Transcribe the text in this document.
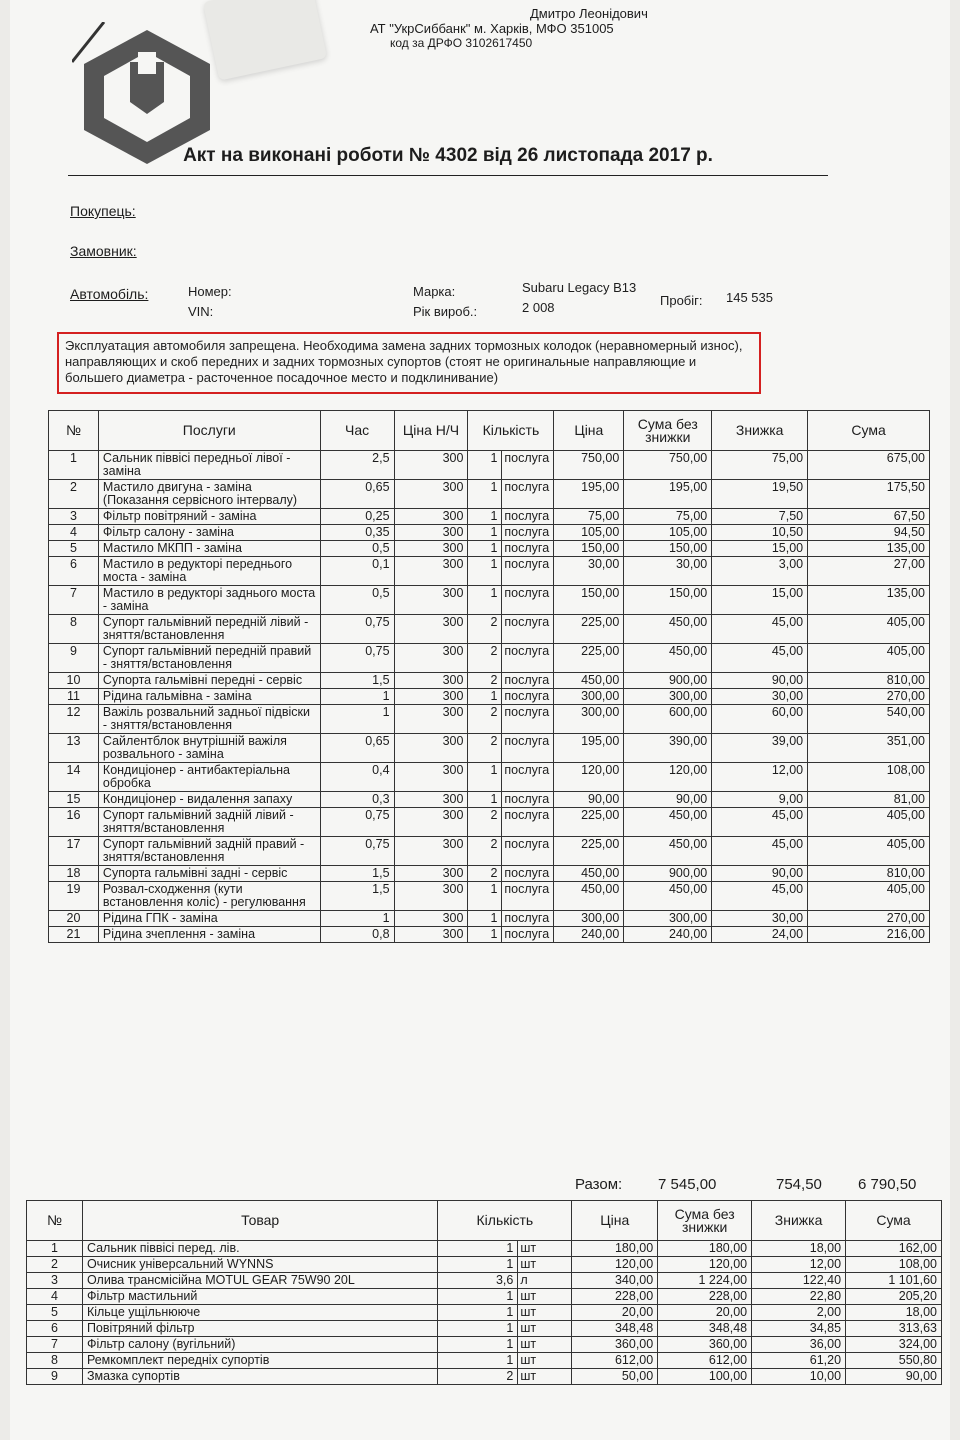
Дмитро Леонідович
АТ "УкрСиббанк" м. Харків, МФО 351005
код за ДРФО 3102617450
Акт на виконані роботи № 4302 від 26 листопада 2017 р.
Покупець:
Замовник:
Автомобіль:	Номер:
VIN:
Марка:	Subaru Legacy B13
Рік вироб.:	2 008	Пробіг: 145 535
Эксплуатация автомобиля запрещена. Необходима замена задних тормозных колодок (неравномерный износ), направляющих и скоб передних и задних тормозных супортов (стоят не оригинальные направляющие и большего диаметра - расточенное посадочное место и подклинивание)
№	Послуги	Час	Ціна Н/Ч	Кількість		Ціна	Сума без знижки	Знижка	Сума
1	Сальник піввісі передньої лівої - заміна	2,5	300	1	послуга	750,00	750,00	75,00	675,00
2	Мастило двигуна - заміна (Показання сервісного інтервалу)	0,65	300	1	послуга	195,00	195,00	19,50	175,50
3	Фільтр повітряний - заміна	0,25	300	1	послуга	75,00	75,00	7,50	67,50
4	Фільтр салону - заміна	0,35	300	1	послуга	105,00	105,00	10,50	94,50
5	Мастило МКПП - заміна	0,5	300	1	послуга	150,00	150,00	15,00	135,00
6	Мастило в редукторі переднього моста - заміна	0,1	300	1	послуга	30,00	30,00	3,00	27,00
7	Мастило в редукторі заднього моста - заміна	0,5	300	1	послуга	150,00	150,00	15,00	135,00
8	Супорт гальмівний передній лівий - зняття/встановлення	0,75	300	2	послуга	225,00	450,00	45,00	405,00
9	Супорт гальмівний передній правий - зняття/встановлення	0,75	300	2	послуга	225,00	450,00	45,00	405,00
10	Супорта гальмівні передні - сервіс	1,5	300	2	послуга	450,00	900,00	90,00	810,00
11	Рідина гальмівна - заміна	1	300	1	послуга	300,00	300,00	30,00	270,00
12	Важіль розвальний задньої підвіски - зняття/встановлення	1	300	2	послуга	300,00	600,00	60,00	540,00
13	Сайлентблок внутрішній важіля розвального - заміна	0,65	300	2	послуга	195,00	390,00	39,00	351,00
14	Кондиціонер - антибактеріальна обробка	0,4	300	1	послуга	120,00	120,00	12,00	108,00
15	Кондиціонер - видалення запаху	0,3	300	1	послуга	90,00	90,00	9,00	81,00
16	Супорт гальмівний задній лівий - зняття/встановлення	0,75	300	2	послуга	225,00	450,00	45,00	405,00
17	Супорт гальмівний задній правий - зняття/встановлення	0,75	300	2	послуга	225,00	450,00	45,00	405,00
18	Супорта гальмівні задні - сервіс	1,5	300	2	послуга	450,00	900,00	90,00	810,00
19	Розвал-сходження (кути встановлення коліс) - регулювання	1,5	300	1	послуга	450,00	450,00	45,00	405,00
20	Рідина ГПК - заміна	1	300	1	послуга	300,00	300,00	30,00	270,00
21	Рідина зчеплення - заміна	0,8	300	1	послуга	240,00	240,00	24,00	216,00
Разом: 7 545,00	754,50 6 790,50
№	Товар	Кількість		Ціна	Сума без знижки	Знижка	Сума
1	Сальник піввісі перед. лів.	1	шт	180,00	180,00	18,00	162,00
2	Очисник універсальний WYNNS	1	шт	120,00	120,00	12,00	108,00
3	Олива трансмісійна MOTUL GEAR 75W90 20L	3,6	л	340,00	1 224,00	122,40	1 101,60
4	Фільтр мастильний	1	шт	228,00	228,00	22,80	205,20
5	Кільце ущільнююче	1	шт	20,00	20,00	2,00	18,00
6	Повітряний фільтр	1	шт	348,48	348,48	34,85	313,63
7	Фільтр салону (вугільний)	1	шт	360,00	360,00	36,00	324,00
8	Ремкомплект передніх супортів	1	шт	612,00	612,00	61,20	550,80
9	Змазка супортів	2	шт	50,00	100,00	10,00	90,00
